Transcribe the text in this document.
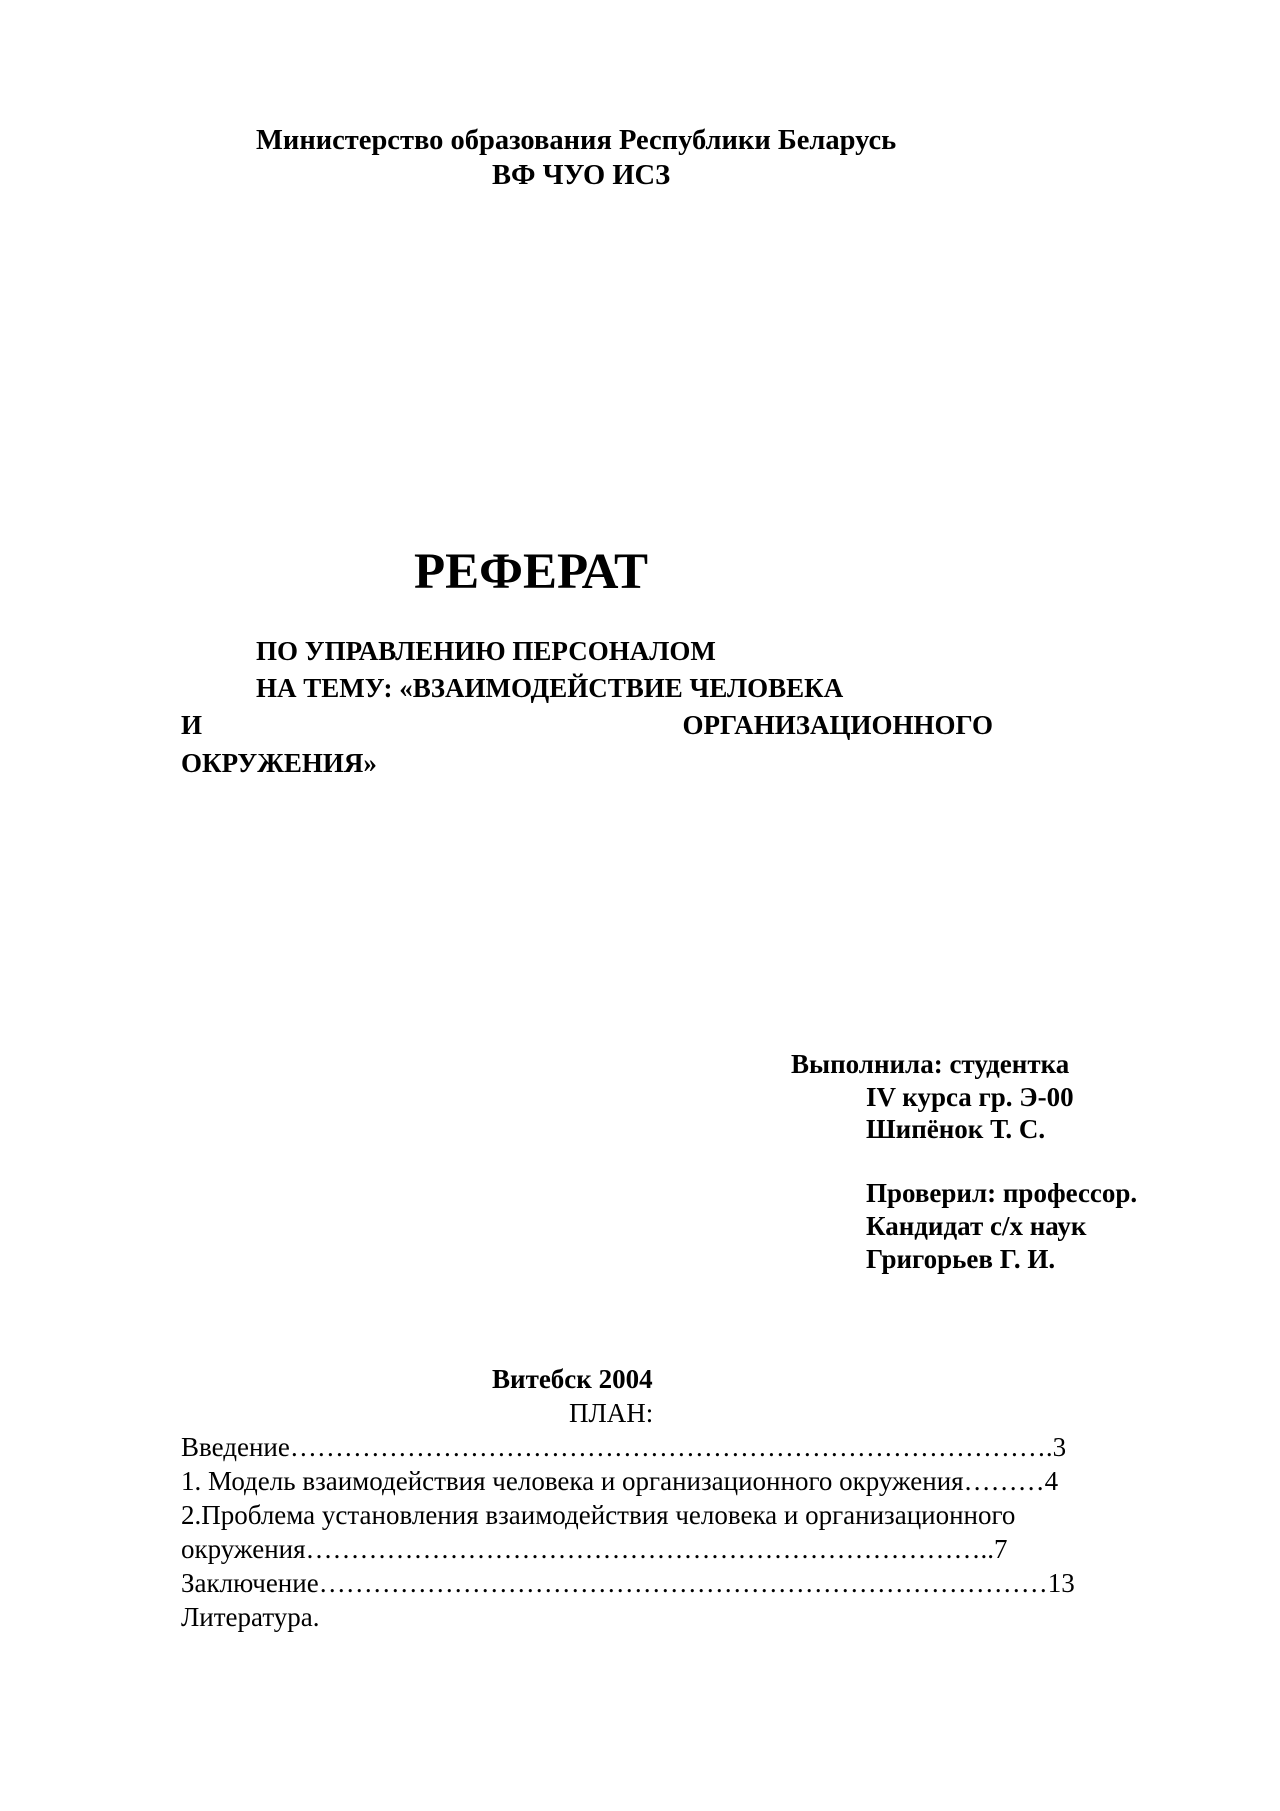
Министерство образования Республики Беларусь
ВФ ЧУО ИСЗ
РЕФЕРАТ
ПО УПРАВЛЕНИЮ ПЕРСОНАЛОМ
НА ТЕМУ: «ВЗАИМОДЕЙСТВИЕ ЧЕЛОВЕКА
И	ОРГАНИЗАЦИОННОГО
ОКРУЖЕНИЯ»
Выполнила: студентка
IV курса гр. Э-00
Шипёнок Т. С.
Проверил: профессор.
Кандидат с/х наук
Григорьев Г. И.
Витебск 2004
ПЛАН:
Введение………………………………………………………………………….3
1. Модель взаимодействия человека и организационного окружения………4
2.Проблема установления взаимодействия человека и организационного
окружения…………………………………………………………………..7
Заключение………………………………………………………………………13
Литература.
